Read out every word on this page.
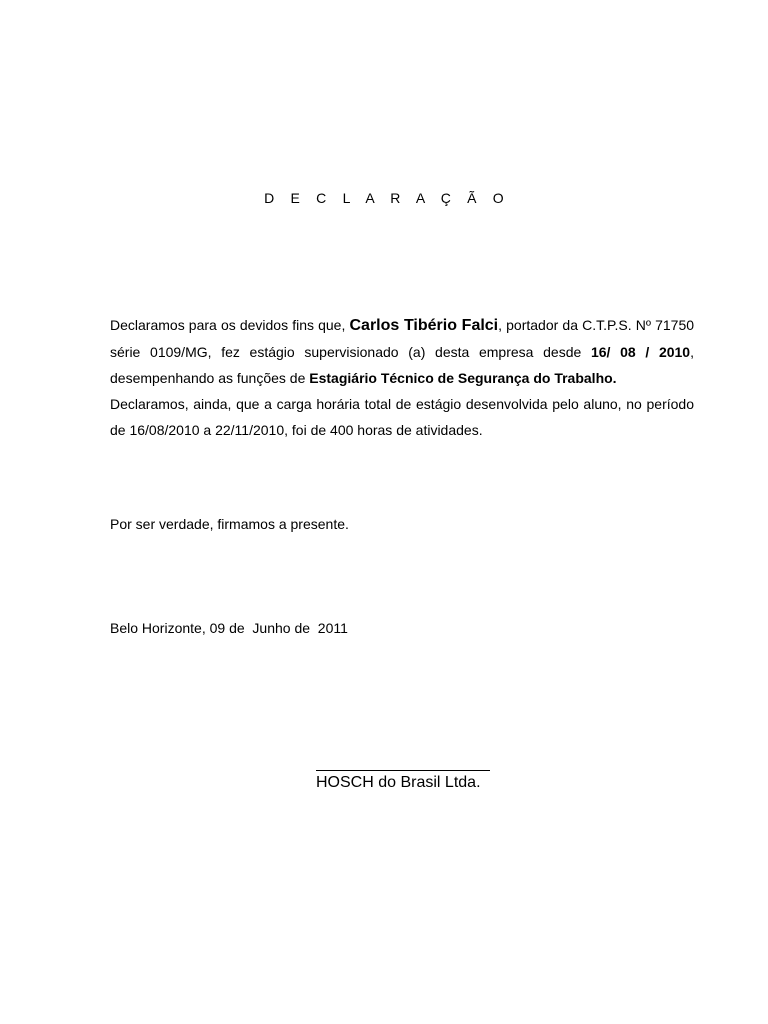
D E C L A R A Ç Ã O

Declaramos para os devidos fins que, Carlos Tibério Falci, portador da C.T.P.S. Nº 71750 série 0109/MG, fez estágio supervisionado (a) desta empresa desde 16/ 08 / 2010, desempenhando as funções de Estagiário Técnico de Segurança do Trabalho.

Declaramos, ainda, que a carga horária total de estágio desenvolvida pelo aluno, no período de 16/08/2010 a 22/11/2010, foi de 400 horas de atividades.

Por ser verdade, firmamos a presente.
Belo Horizonte, 09 de  Junho de  2011
HOSCH do Brasil Ltda.
